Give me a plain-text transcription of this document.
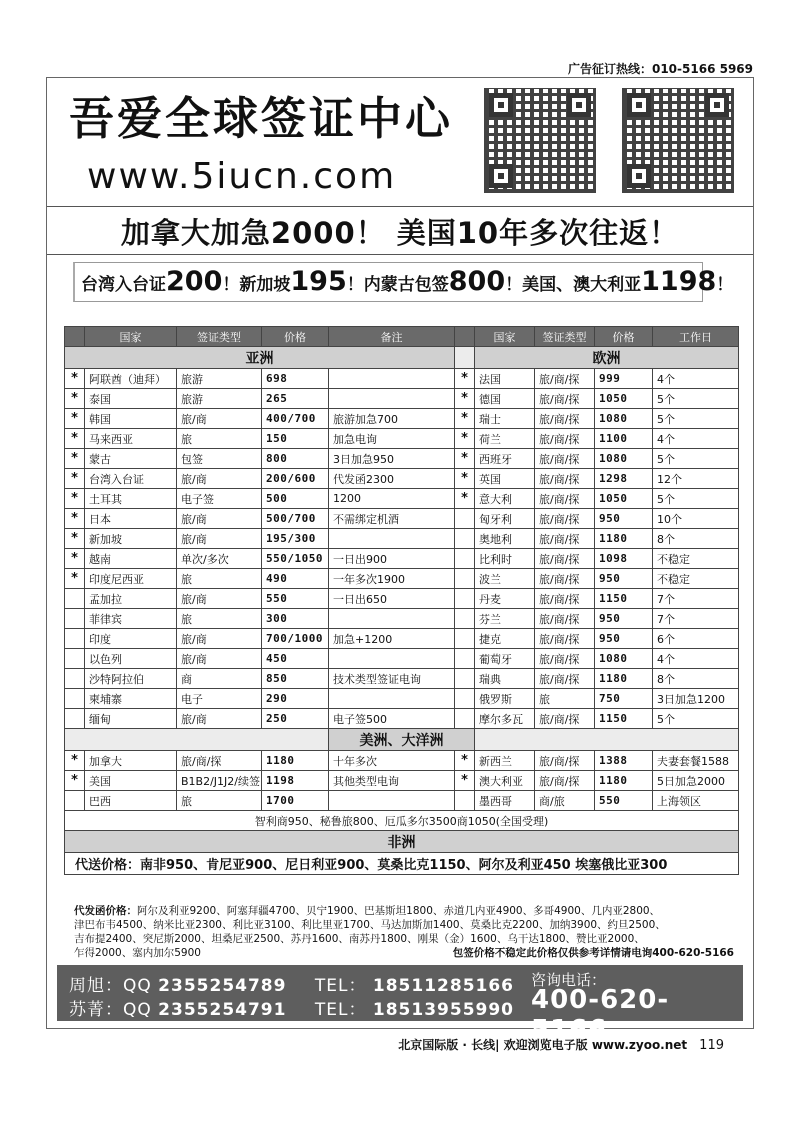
广告征订热线：010-5166 5969
吾爱全球签证中心
www.5iucn.com
加拿大加急2000！ 美国10年多次往返！
台湾入台证200！新加坡195！内蒙古包签800！美国、澳大利亚1198！
	国家	签证类型	价格	备注		国家	签证类型	价格	工作日
亚洲						欧洲			
*	阿联酋（迪拜）	旅游	698		*	法国	旅/商/探	999	4个
*	泰国	旅游	265		*	德国	旅/商/探	1050	5个
*	韩国	旅/商	400/700	旅游加急700	*	瑞士	旅/商/探	1080	5个
*	马来西亚	旅	150	加急电询	*	荷兰	旅/商/探	1100	4个
*	蒙古	包签	800	3日加急950	*	西班牙	旅/商/探	1080	5个
*	台湾入台证	旅/商	200/600	代发函2300	*	英国	旅/商/探	1298	12个
*	土耳其	电子签	500	1200	*	意大利	旅/商/探	1050	5个
*	日本	旅/商	500/700	不需绑定机酒		匈牙利	旅/商/探	950	10个
*	新加坡	旅/商	195/300			奥地利	旅/商/探	1180	8个
*	越南	单次/多次	550/1050	一日出900		比利时	旅/商/探	1098	不稳定
*	印度尼西亚	旅	490	一年多次1900		波兰	旅/商/探	950	不稳定
	孟加拉	旅/商	550	一日出650		丹麦	旅/商/探	1150	7个
	菲律宾	旅	300			芬兰	旅/商/探	950	7个
	印度	旅/商	700/1000	加急+1200		捷克	旅/商/探	950	6个
	以色列	旅/商	450			葡萄牙	旅/商/探	1080	4个
	沙特阿拉伯	商	850	技术类型签证电询		瑞典	旅/商/探	1180	8个
	柬埔寨	电子	290			俄罗斯	旅	750	3日加急1200
	缅甸	旅/商	250	电子签500		摩尔多瓦	旅/商/探	1150	5个
				美洲、大洋洲					
*	加拿大	旅/商/探	1180	十年多次	*	新西兰	旅/商/探	1388	夫妻套餐1588
*	美国	B1B2/J1J2/续签	1198	其他类型电询	*	澳大利亚	旅/商/探	1180	5日加急2000
	巴西	旅	1700			墨西哥	商/旅	550	上海领区
智利商950、秘鲁旅800、厄瓜多尔3500商1050(全国受理)									
非洲									
代送价格：南非950、肯尼亚900、尼日利亚900、莫桑比克1150、阿尔及利亚450 埃塞俄比亚300									
代发函价格：阿尔及利亚9200、阿塞拜疆4700、贝宁1900、巴基斯坦1800、赤道几内亚4900、多哥4900、几内亚2800、
津巴布韦4500、纳米比亚2300、利比亚3100、利比里亚1700、马达加斯加1400、莫桑比克2200、加纳3900、约旦2500、
吉布提2400、突尼斯2000、坦桑尼亚2500、苏丹1600、南苏丹1800、刚果（金）1600、乌干达1800、赞比亚2000、
乍得2000、塞内加尔5900	包签价格不稳定此价格仅供参考详情请电询400-620-5166
周旭：QQ 2355254789 TEL： 18511285166
苏菁：QQ 2355254791 TEL： 18513955990
咨询电话：
400-620-5166
北京国际版 · 长线| 欢迎浏览电子版 www.zyoo.net 119
